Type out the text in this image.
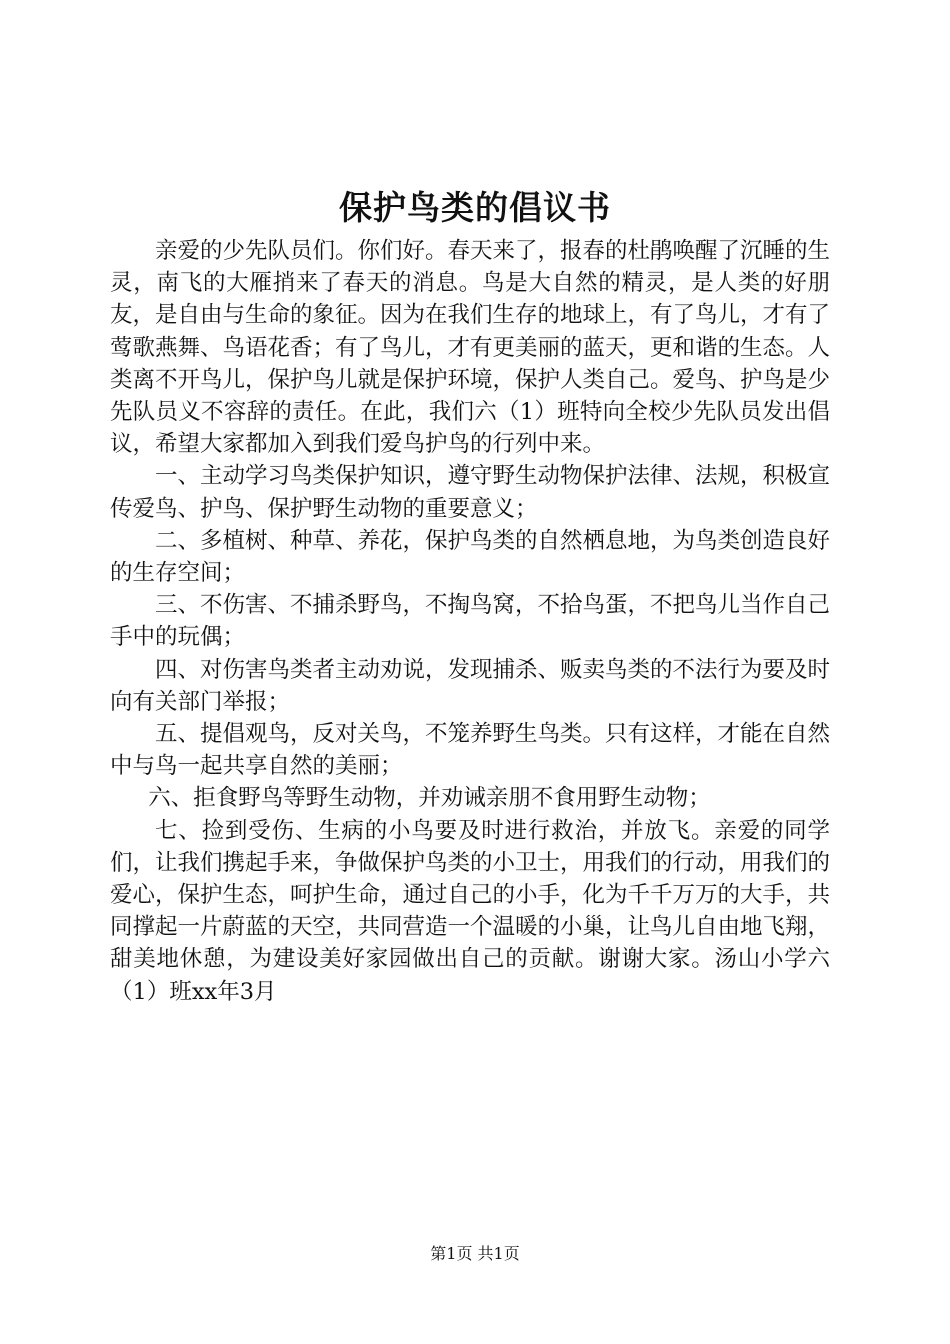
保护鸟类的倡议书

亲爱的少先队员们。你们好。春天来了，报春的杜鹃唤醒了沉睡的生灵，南飞的大雁捎来了春天的消息。鸟是大自然的精灵，是人类的好朋友，是自由与生命的象征。因为在我们生存的地球上，有了鸟儿，才有了莺歌燕舞、鸟语花香；有了鸟儿，才有更美丽的蓝天，更和谐的生态。人类离不开鸟儿，保护鸟儿就是保护环境，保护人类自己。爱鸟、护鸟是少先队员义不容辞的责任。在此，我们六（1）班特向全校少先队员发出倡议，希望大家都加入到我们爱鸟护鸟的行列中来。

一、主动学习鸟类保护知识，遵守野生动物保护法律、法规，积极宣传爱鸟、护鸟、保护野生动物的重要意义；

二、多植树、种草、养花，保护鸟类的自然栖息地，为鸟类创造良好的生存空间；

三、不伤害、不捕杀野鸟，不掏鸟窝，不拾鸟蛋，不把鸟儿当作自己手中的玩偶；

四、对伤害鸟类者主动劝说，发现捕杀、贩卖鸟类的不法行为要及时向有关部门举报；

五、提倡观鸟，反对关鸟，不笼养野生鸟类。只有这样，才能在自然中与鸟一起共享自然的美丽；

六、拒食野鸟等野生动物，并劝诫亲朋不食用野生动物；

七、捡到受伤、生病的小鸟要及时进行救治，并放飞。亲爱的同学们，让我们携起手来，争做保护鸟类的小卫士，用我们的行动，用我们的爱心，保护生态，呵护生命，通过自己的小手，化为千千万万的大手，共同撑起一片蔚蓝的天空，共同营造一个温暖的小巢，让鸟儿自由地飞翔，甜美地休憩，为建设美好家园做出自己的贡献。谢谢大家。汤山小学六（1）班xx年3月

第1页 共1页
